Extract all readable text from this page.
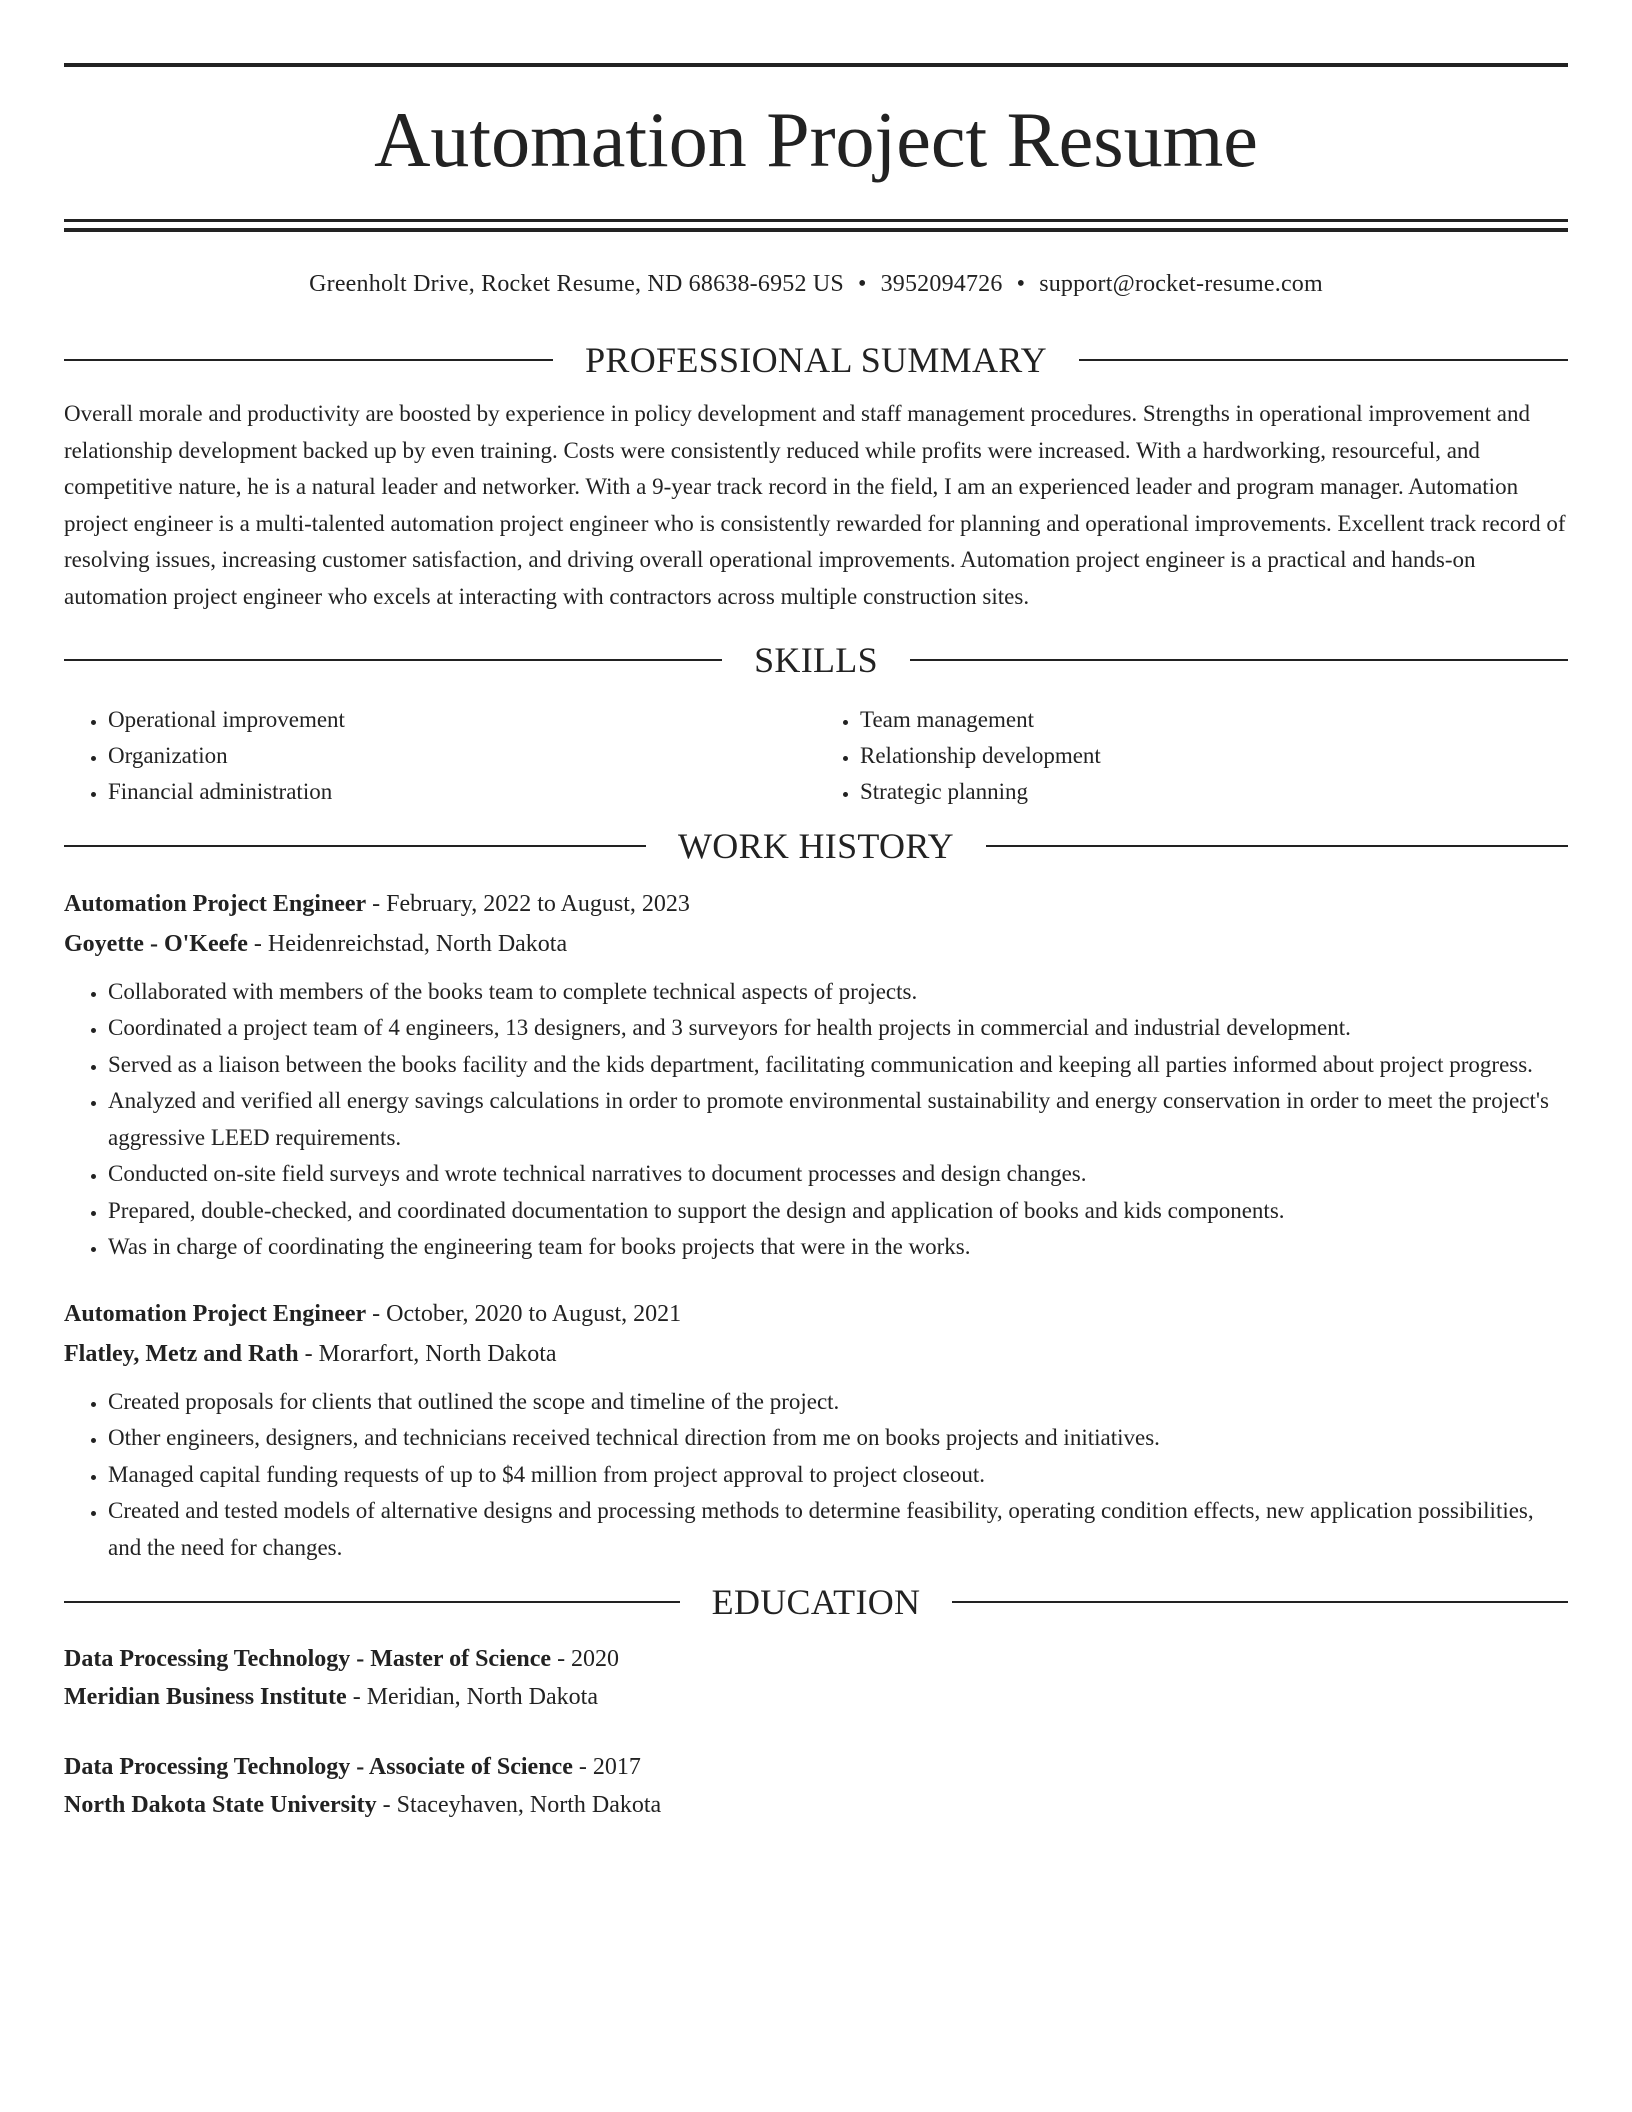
Automation Project Resume
Greenholt Drive, Rocket Resume, ND 68638-6952 US • 3952094726 • support@rocket-resume.com
PROFESSIONAL SUMMARY
Overall morale and productivity are boosted by experience in policy development and staff management procedures. Strengths in operational improvement and relationship development backed up by even training. Costs were consistently reduced while profits were increased. With a hardworking, resourceful, and competitive nature, he is a natural leader and networker. With a 9-year track record in the field, I am an experienced leader and program manager. Automation project engineer is a multi-talented automation project engineer who is consistently rewarded for planning and operational improvements. Excellent track record of resolving issues, increasing customer satisfaction, and driving overall operational improvements. Automation project engineer is a practical and hands-on automation project engineer who excels at interacting with contractors across multiple construction sites.
SKILLS
• Operational improvement
• Organization
• Financial administration
• Team management
• Relationship development
• Strategic planning
WORK HISTORY
Automation Project Engineer - February, 2022 to August, 2023
Goyette - O'Keefe - Heidenreichstad, North Dakota
• Collaborated with members of the books team to complete technical aspects of projects.
• Coordinated a project team of 4 engineers, 13 designers, and 3 surveyors for health projects in commercial and industrial development.
• Served as a liaison between the books facility and the kids department, facilitating communication and keeping all parties informed about project progress.
• Analyzed and verified all energy savings calculations in order to promote environmental sustainability and energy conservation in order to meet the project's aggressive LEED requirements.
• Conducted on-site field surveys and wrote technical narratives to document processes and design changes.
• Prepared, double-checked, and coordinated documentation to support the design and application of books and kids components.
• Was in charge of coordinating the engineering team for books projects that were in the works.
Automation Project Engineer - October, 2020 to August, 2021
Flatley, Metz and Rath - Morarfort, North Dakota
• Created proposals for clients that outlined the scope and timeline of the project.
• Other engineers, designers, and technicians received technical direction from me on books projects and initiatives.
• Managed capital funding requests of up to $4 million from project approval to project closeout.
• Created and tested models of alternative designs and processing methods to determine feasibility, operating condition effects, new application possibilities, and the need for changes.
EDUCATION
Data Processing Technology - Master of Science - 2020
Meridian Business Institute - Meridian, North Dakota
Data Processing Technology - Associate of Science - 2017
North Dakota State University - Staceyhaven, North Dakota
